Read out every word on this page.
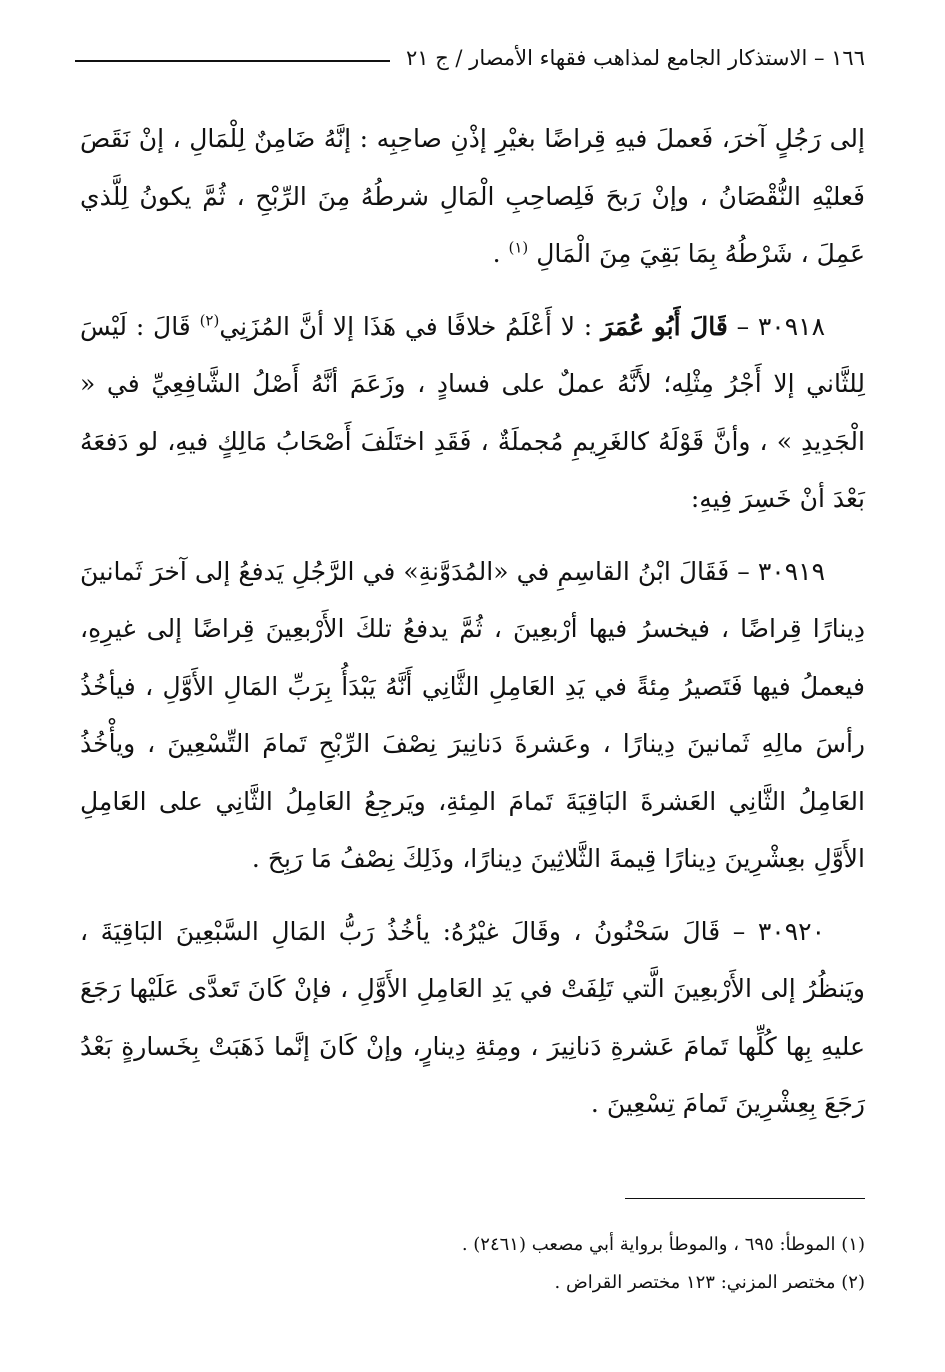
١٦٦ – الاستذكار الجامع لمذاهب فقهاء الأمصار / ج ٢١

إلى رَجُلٍ آخرَ، فَعملَ فيهِ قِراضًا بغيْرِ إذْنِ صاحِبِه : إنَّهُ ضَامِنٌ لِلْمَالِ ، إنْ نَقَصَ فَعليْهِ النُّقْصَانُ ، وإنْ رَبحَ فَلِصاحِبِ الْمَالِ شرطُهُ مِنَ الرِّبْحِ ، ثُمَّ يكونُ لِلَّذي عَمِلَ ، شَرْطُهُ بِمَا بَقِيَ مِنَ الْمَالِ $^{(١)}$ .

٣٠٩١٨ – قَالَ أَبُو عُمَرَ : لا أَعْلَمُ خلافًا في هَذَا إلا أنَّ المُزَنِي$^{(٢)}$ قَالَ : لَيْسَ لِلثَّاني إلا أَجْرُ مِثْلِه؛ لأَنَّهُ عملٌ على فسادٍ ، وزَعَمَ أنَّهُ أَصْلُ الشَّافِعِيِّ في « الْجَدِيدِ » ، وأنَّ قَوْلَهُ كالغَرِيمِ مُجملَةٌ ، فَقَدِ اختَلَفَ أَصْحَابُ مَالِكٍ فيهِ، لو دَفعَهُ بَعْدَ أنْ خَسِرَ فِيهِ:

٣٠٩١٩ – فَقَالَ ابْنُ القاسِمِ في «المُدَوَّنةِ» في الرَّجُلِ يَدفعُ إلى آخرَ ثَمانينَ دِينارًا قِراضًا ، فيخسرُ فيها أرْبعِينَ ، ثُمَّ يدفعُ تلكَ الأَرْبعِينَ قِراضًا إلى غيرِهِ، فيعملُ فيها فَتَصيرُ مِئةً في يَدِ العَامِلِ الثَّانِي أَنَّهُ يَبْدَأُ بِرَبِّ المَالِ الأَوَّلِ ، فيأخُذُ رأسَ مالِهِ ثَمانينَ دِينارًا ، وعَشرةَ دَنانِيرَ نِصْفَ الرِّبْحِ تَمامَ التِّسْعِينَ ، ويأْخُذُ العَامِلُ الثَّانِي العَشرةَ البَاقِيَةَ تَمامَ المِئةِ، ويَرجِعُ العَامِلُ الثَّانِي على العَامِلِ الأَوَّلِ بعِشْرِينَ دِينارًا قِيمةَ الثَّلاثِينَ دِينارًا، وذَلِكَ نِصْفُ مَا رَبِحَ .

٣٠٩٢٠ – قَالَ سَحْنُونُ ، وقَالَ غيْرُهُ: يأخُذُ رَبُّ المَالِ السَّبْعِينَ البَاقِيَةَ ، ويَنظُرُ إلى الأَرْبعِينَ الَّتي تَلِفَتْ في يَدِ العَامِلِ الأَوَّلِ ، فإنْ كَانَ تَعدَّى عَلَيْها رَجَعَ عليهِ بِها كُلِّها تَمامَ عَشرةِ دَنانِيرَ ، ومِئةِ دِينارٍ، وإنْ كَانَ إنَّما ذَهَبَتْ بِخَسارةٍ بَعْدُ رَجَعَ بِعِشْرِينَ تَمامَ تِسْعِينَ .

(١) الموطأ: ٦٩٥ ، والموطأ برواية أبي مصعب (٢٤٦١) .

(٢) مختصر المزني: ١٢٣ مختصر القراض .
